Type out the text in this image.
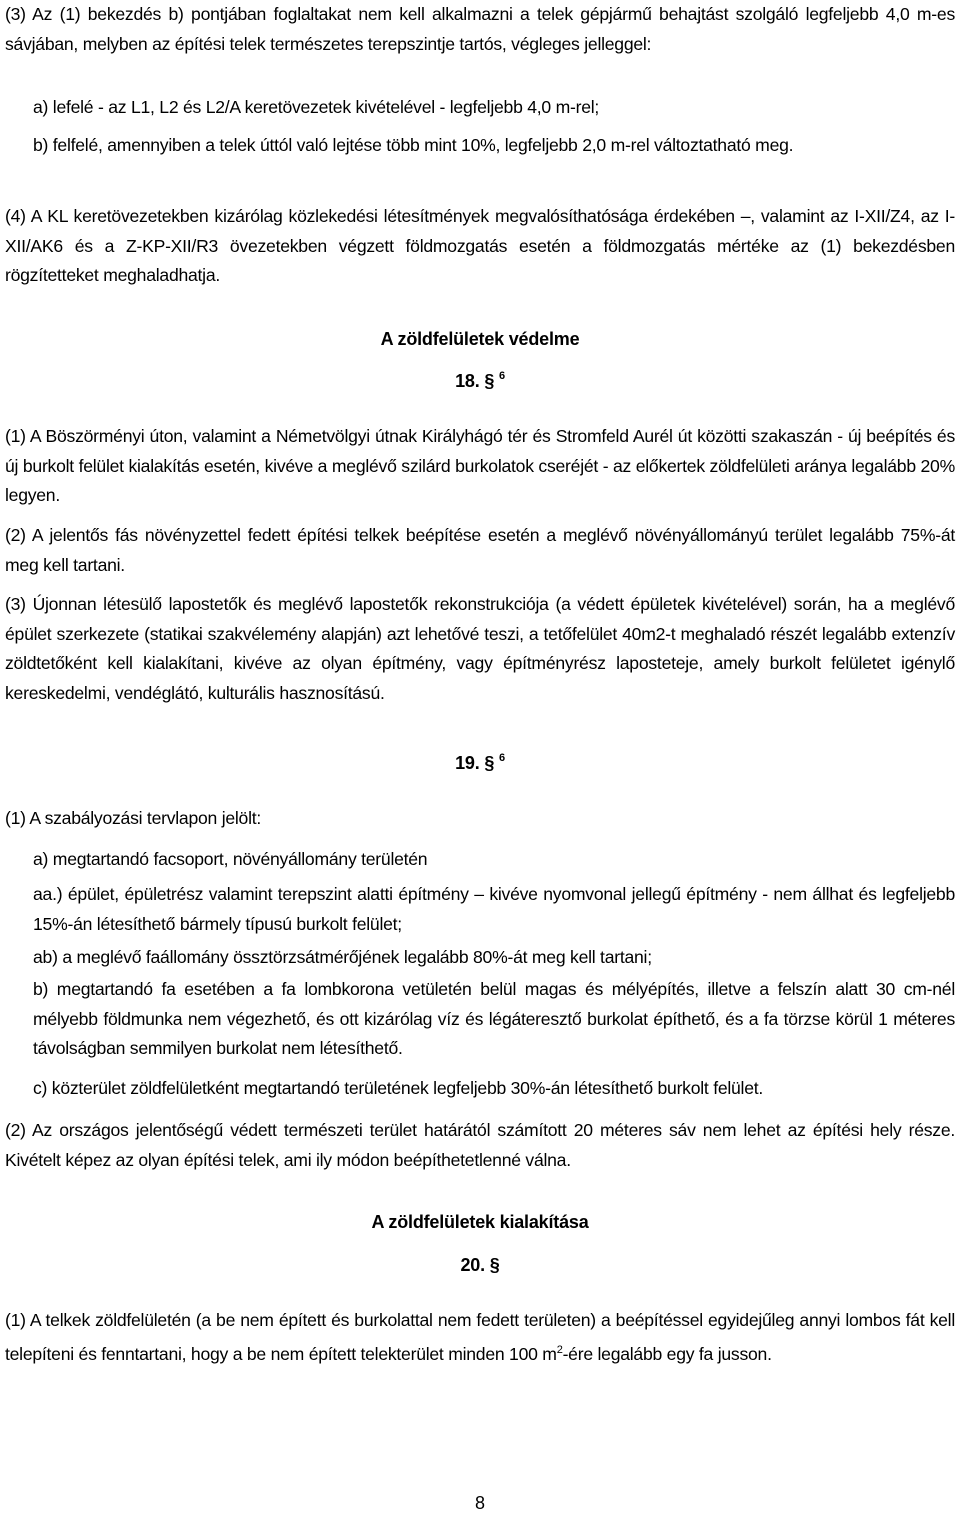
(3) Az (1) bekezdés b) pontjában foglaltakat nem kell alkalmazni a telek gépjármű behajtást szolgáló legfeljebb 4,0 m-es sávjában, melyben az építési telek természetes terepszintje tartós, végleges jelleggel:

a) lefelé - az L1, L2 és L2/A keretövezetek kivételével - legfeljebb 4,0 m-rel;

b) felfelé, amennyiben a telek úttól való lejtése több mint 10%, legfeljebb 2,0 m-rel változtatható meg.

(4) A KL keretövezetekben kizárólag közlekedési létesítmények megvalósíthatósága érdekében –, valamint az I-XII/Z4, az I-XII/AK6 és a Z-KP-XII/R3 övezetekben végzett földmozgatás esetén a földmozgatás mértéke az (1) bekezdésben rögzítetteket meghaladhatja.

A zöldfelületek védelme
18. § $^6$

(1) A Böszörményi úton, valamint a Németvölgyi útnak Királyhágó tér és Stromfeld Aurél út közötti szakaszán - új beépítés és új burkolt felület kialakítás esetén, kivéve a meglévő szilárd burkolatok cseréjét - az előkertek zöldfelületi aránya legalább 20% legyen.

(2) A jelentős fás növényzettel fedett építési telkek beépítése esetén a meglévő növényállományú terület legalább 75%-át meg kell tartani.

(3) Újonnan létesülő lapostetők és meglévő lapostetők rekonstrukciója (a védett épületek kivételével) során, ha a meglévő épület szerkezete (statikai szakvélemény alapján) azt lehetővé teszi, a tetőfelület 40m2-t meghaladó részét legalább extenzív zöldtetőként kell kialakítani, kivéve az olyan építmény, vagy építményrész laposteteje, amely burkolt felületet igénylő kereskedelmi, vendéglátó, kulturális hasznosítású.

19. § $^6$

(1) A szabályozási tervlapon jelölt:

a) megtartandó facsoport, növényállomány területén

aa.) épület, épületrész valamint terepszint alatti építmény – kivéve nyomvonal jellegű építmény - nem állhat és legfeljebb 15%-án létesíthető bármely típusú burkolt felület;

ab) a meglévő faállomány össztörzsátmérőjének legalább 80%-át meg kell tartani;

b) megtartandó fa esetében a fa lombkorona vetületén belül magas és mélyépítés, illetve a felszín alatt 30 cm-nél mélyebb földmunka nem végezhető, és ott kizárólag víz és légáteresztő burkolat építhető, és a fa törzse körül 1 méteres távolságban semmilyen burkolat nem létesíthető.

c) közterület zöldfelületként megtartandó területének legfeljebb 30%-án létesíthető burkolt felület.

(2) Az országos jelentőségű védett természeti terület határától számított 20 méteres sáv nem lehet az építési hely része. Kivételt képez az olyan építési telek, ami ily módon beépíthetetlenné válna.

A zöldfelületek kialakítása
20. §

(1) A telkek zöldfelületén (a be nem épített és burkolattal nem fedett területen) a beépítéssel egyidejűleg annyi lombos fát kell telepíteni és fenntartani, hogy a be nem épített telekterület minden 100 $m^2$-ére legalább egy fa jusson.

8
